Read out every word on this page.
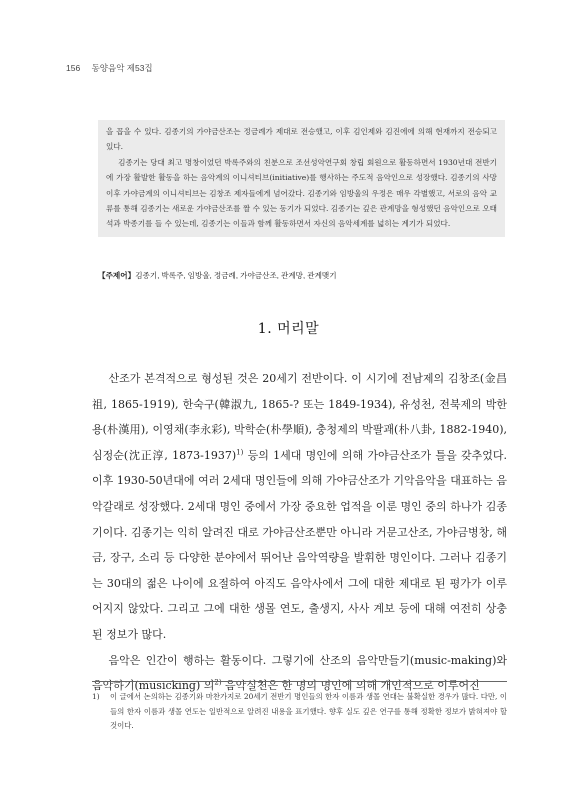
156 동양음악 제53집

을 꼽을 수 있다. 김종기의 가야금산조는 정금례가 제대로 전승했고, 이후 김인제와 김진에에 의해 현재까지 전승되고 있다.

김종기는 당대 최고 명창이었던 박록주와의 친분으로 조선성악연구회 창립 회원으로 활동하면서 1930년대 전반기에 가장 활발한 활동을 하는 음악계의 이니셔티브(initiative)를 행사하는 주도적 음악인으로 성장했다. 김종기의 사망 이후 가야금계의 이니셔티브는 김창조 제자들에게 넘어갔다. 김종기와 임방울의 우정은 매우 각별했고, 서로의 음악 교류를 통해 김종기는 새로운 가야금산조를 짤 수 있는 동기가 되었다. 김종기는 깊은 관계망을 형성했던 음악인으로 오태석과 박종기를 들 수 있는데, 김종기는 이들과 함께 활동하면서 자신의 음악세계를 넓히는 계기가 되었다.

【주제어】김종기, 박록주, 임방울, 정금례, 가야금산조, 관계망, 관계맺기
1. 머리말

산조가 본격적으로 형성된 것은 20세기 전반이다. 이 시기에 전남제의 김창조(金昌祖, 1865-1919), 한숙구(韓淑九, 1865-? 또는 1849-1934), 유성천, 전북제의 박한용(朴漢用), 이영채(李永彩), 박학순(朴學順), 충청제의 박팔괘(朴八卦, 1882-1940), 심정순(沈正淳, 1873-1937)$^{1)}$ 등의 1세대 명인에 의해 가야금산조가 틀을 갖추었다. 이후 1930-50년대에 여러 2세대 명인들에 의해 가야금산조가 기악음악을 대표하는 음악갈래로 성장했다. 2세대 명인 중에서 가장 중요한 업적을 이룬 명인 중의 하나가 김종기이다. 김종기는 익히 알려진 대로 가야금산조뿐만 아니라 거문고산조, 가야금병창, 해금, 장구, 소리 등 다양한 분야에서 뛰어난 음악역량을 발휘한 명인이다. 그러나 김종기는 30대의 젊은 나이에 요절하여 아직도 음악사에서 그에 대한 제대로 된 평가가 이루어지지 않았다. 그리고 그에 대한 생몰 연도, 출생지, 사사 계보 등에 대해 여전히 상충된 정보가 많다.

음악은 인간이 행하는 활동이다. 그렇기에 산조의 음악만들기(music-making)와 음악하기(musicking) 의$^{2)}$ 음악실천은 한 명의 명인에 의해 개인적으로 이루어진

1)	이 글에서 논의하는 김종기와 마찬가지로 20세기 전반기 명인들의 한자 이름과 생몰 연대는 불확실한 경우가 많다. 다만, 이들의 한자 이름과 생몰 연도는 일반적으로 알려진 내용을 표기했다. 향후 실도 깊은 연구를 통해 정확한 정보가 밝혀져야 할 것이다.
